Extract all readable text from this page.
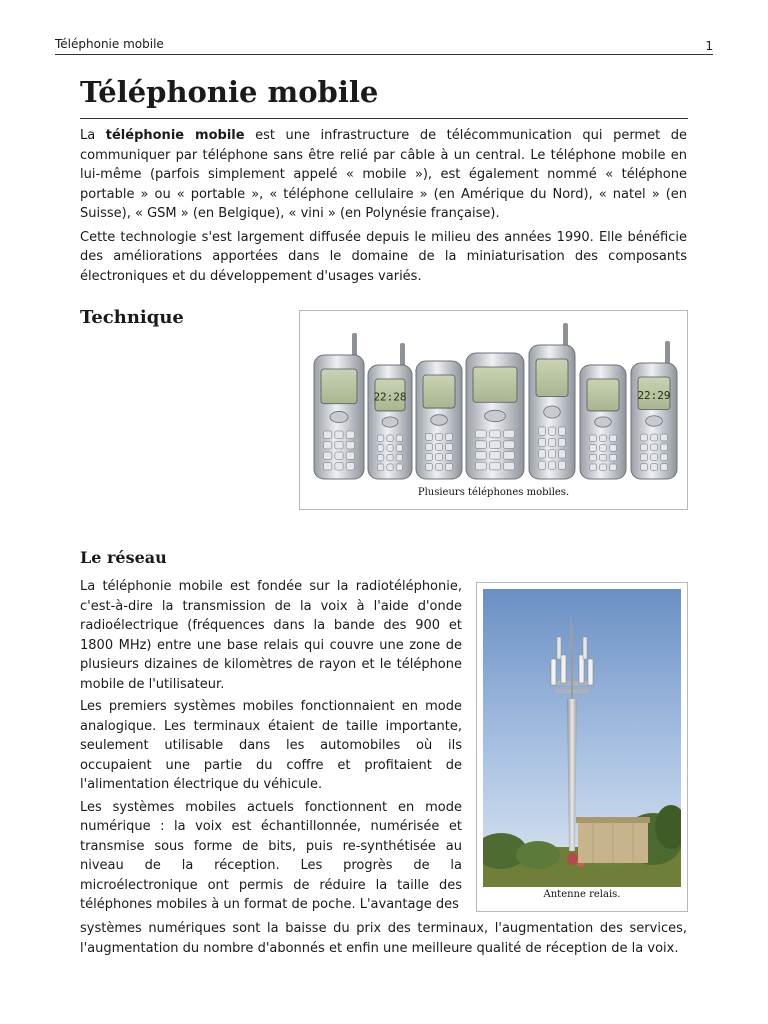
Téléphonie mobile	1
Téléphonie mobile

La téléphonie mobile est une infrastructure de télécommunication qui permet de communiquer par téléphone sans être relié par câble à un central. Le téléphone mobile en lui-même (parfois simplement appelé « mobile »), est également nommé « téléphone portable » ou « portable », « téléphone cellulaire » (en Amérique du Nord), « natel » (en Suisse), « GSM » (en Belgique), « vini » (en Polynésie française).

Cette technologie s'est largement diffusée depuis le milieu des années 1990. Elle bénéficie des améliorations apportées dans le domaine de la miniaturisation des composants électroniques et du développement d'usages variés.

Technique
22:28	22:29
Plusieurs téléphones mobiles.
Le réseau

La téléphonie mobile est fondée sur la radiotéléphonie, c'est-à-dire la transmission de la voix à l'aide d'onde radioélectrique (fréquences dans la bande des 900 et 1800 MHz) entre une base relais qui couvre une zone de plusieurs dizaines de kilomètres de rayon et le téléphone mobile de l'utilisateur.

Les premiers systèmes mobiles fonctionnaient en mode analogique. Les terminaux étaient de taille importante, seulement utilisable dans les automobiles où ils occupaient une partie du coffre et profitaient de l'alimentation électrique du véhicule.

Les systèmes mobiles actuels fonctionnent en mode numérique : la voix est échantillonnée, numérisée et transmise sous forme de bits, puis re-synthétisée au niveau de la réception. Les progrès de la microélectronique ont permis de réduire la taille des téléphones mobiles à un format de poche. L'avantage des

Antenne relais.

systèmes numériques sont la baisse du prix des terminaux, l'augmentation des services, l'augmentation du nombre d'abonnés et enfin une meilleure qualité de réception de la voix.
